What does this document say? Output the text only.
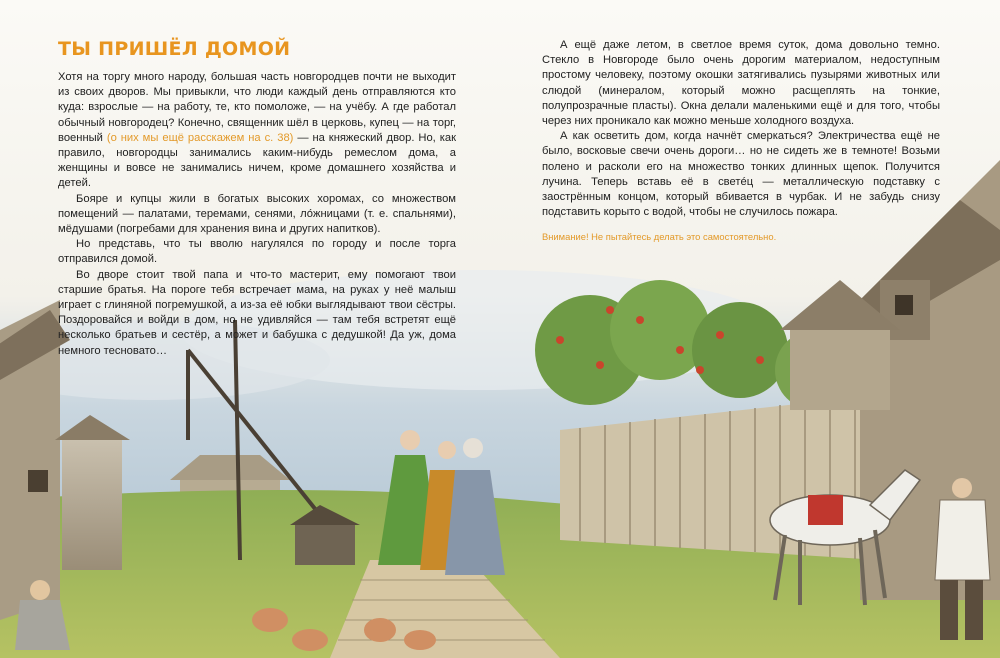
ТЫ ПРИШЁЛ ДОМОЙ

Хотя на торгу много народу, большая часть новгородцев почти не выходит из своих дворов. Мы привыкли, что люди каждый день отправляются кто куда: взрослые — на работу, те, кто помоложе, — на учёбу. А где работал обычный новгородец? Конечно, священник шёл в церковь, купец — на торг, военный (о них мы ещё расскажем на с. 38) — на княжеский двор. Но, как правило, новгородцы занимались каким-нибудь ремеслом дома, а женщины и вовсе не занимались ничем, кроме домашнего хозяйства и детей.

Бояре и купцы жили в богатых высоких хоромах, со множеством помещений — палатами, теремами, сенями, ло́жницами (т. е. спальнями), мёдушами (погребами для хранения вина и других напитков).

Но представь, что ты вволю нагулялся по городу и после торга отправился домой.

Во дворе стоит твой папа и что-то мастерит, ему помогают твои старшие братья. На пороге тебя встречает мама, на руках у неё малыш играет с глиняной погремушкой, а из-за её юбки выглядывают твои сёстры. Поздоровайся и войди в дом, но не удивляйся — там тебя встретят ещё несколько братьев и сестёр, а может и бабушка с дедушкой! Да уж, дома немного тесновато…

А ещё даже летом, в светлое время суток, дома довольно темно. Стекло в Новгороде было очень дорогим материалом, недоступным простому человеку, поэтому окошки затягивались пузырями животных или слюдой (минералом, который можно расщеплять на тонкие, полупрозрачные пласты). Окна делали маленькими ещё и для того, чтобы через них проникало как можно меньше холодного воздуха.

А как осветить дом, когда начнёт смеркаться? Электричества ещё не было, восковые свечи очень дороги… но не сидеть же в темноте! Возьми полено и расколи его на множество тонких длинных щепок. Получится лучина. Теперь вставь её в светéц — металлическую подставку с заострённым концом, который вбивается в чурбак. И не забудь снизу подставить корыто с водой, чтобы не случилось пожара.

Внимание! Не пытайтесь делать это самостоятельно.
